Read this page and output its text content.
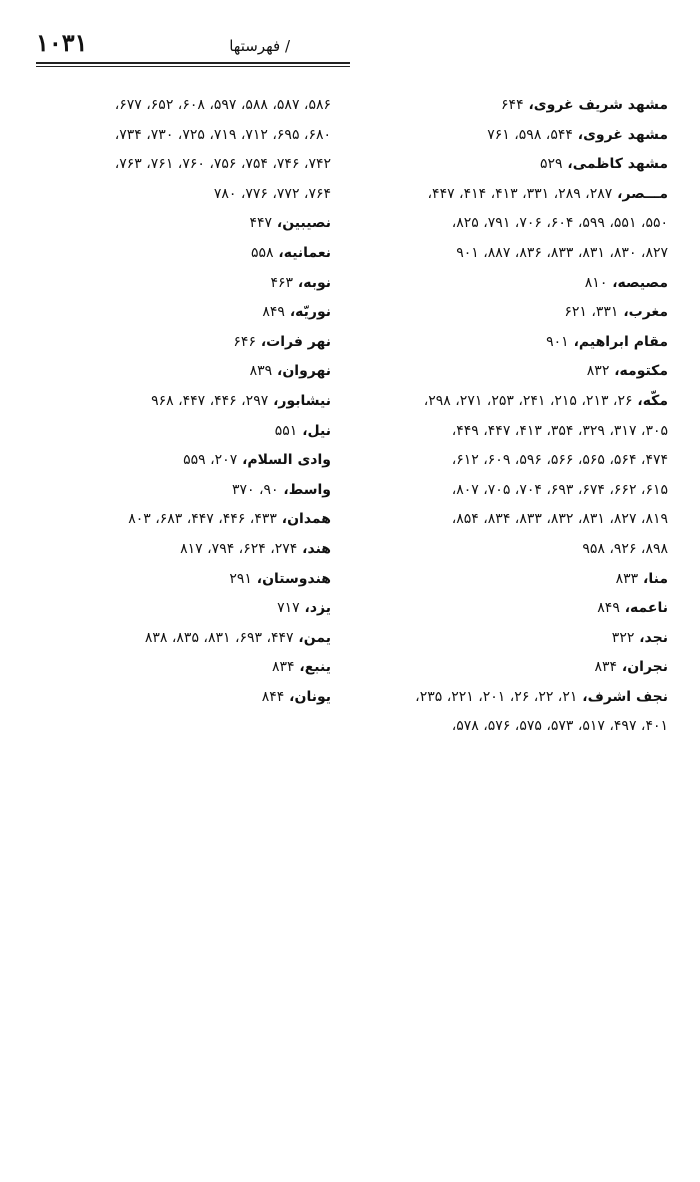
۱۰۳۱	/ فهرستها
مشهد شریف غروی، ۶۴۴
مشهد غروی، ۵۴۴، ۵۹۸، ۷۶۱
مشهد کاظمی، ۵۲۹
مـــصر، ۲۸۷، ۲۸۹، ۳۳۱، ۴۱۳، ۴۱۴، ۴۴۷،
۵۵۰، ۵۵۱، ۵۹۹، ۶۰۴، ۷۰۶، ۷۹۱، ۸۲۵،
۸۲۷، ۸۳۰، ۸۳۱، ۸۳۳، ۸۳۶، ۸۸۷، ۹۰۱
مصیصه، ۸۱۰
مغرب، ۳۳۱، ۶۲۱
مقام ابراهیم، ۹۰۱
مکتومه، ۸۳۲
مکّه، ۲۶، ۲۱۳، ۲۱۵، ۲۴۱، ۲۵۳، ۲۷۱، ۲۹۸،
۳۰۵، ۳۱۷، ۳۲۹، ۳۵۴، ۴۱۳، ۴۴۷، ۴۴۹،
۴۷۴، ۵۶۴، ۵۶۵، ۵۶۶، ۵۹۶، ۶۰۹، ۶۱۲،
۶۱۵، ۶۶۲، ۶۷۴، ۶۹۳، ۷۰۴، ۷۰۵، ۸۰۷،
۸۱۹، ۸۲۷، ۸۳۱، ۸۳۲، ۸۳۳، ۸۳۴، ۸۵۴،
۸۹۸، ۹۲۶، ۹۵۸
منا، ۸۳۳
ناعمه، ۸۴۹
نجد، ۳۲۲
نجران، ۸۳۴
نجف اشرف، ۲۱، ۲۲، ۲۶، ۲۰۱، ۲۲۱، ۲۳۵،
۴۰۱، ۴۹۷، ۵۱۷، ۵۷۳، ۵۷۵، ۵۷۶، ۵۷۸،
۵۸۶، ۵۸۷، ۵۸۸، ۵۹۷، ۶۰۸، ۶۵۲، ۶۷۷،
۶۸۰، ۶۹۵، ۷۱۲، ۷۱۹، ۷۲۵، ۷۳۰، ۷۳۴،
۷۴۲، ۷۴۶، ۷۵۴، ۷۵۶، ۷۶۰، ۷۶۱، ۷۶۳،
۷۶۴، ۷۷۲، ۷۷۶، ۷۸۰
نصیبین، ۴۴۷
نعمانیه، ۵۵۸
نوبه، ۴۶۳
نوريّه، ۸۴۹
نهر فرات، ۶۴۶
نهروان، ۸۳۹
نیشابور، ۲۹۷، ۴۴۶، ۴۴۷، ۹۶۸
نیل، ۵۵۱
وادی السلام، ۲۰۷، ۵۵۹
واسط، ۹۰، ۳۷۰
همدان، ۴۳۳، ۴۴۶، ۴۴۷، ۶۸۳، ۸۰۳
هند، ۲۷۴، ۶۲۴، ۷۹۴، ۸۱۷
هندوستان، ۲۹۱
یزد، ۷۱۷
یمن، ۴۴۷، ۶۹۳، ۸۳۱، ۸۳۵، ۸۳۸
ینبع، ۸۳۴
یونان، ۸۴۴
